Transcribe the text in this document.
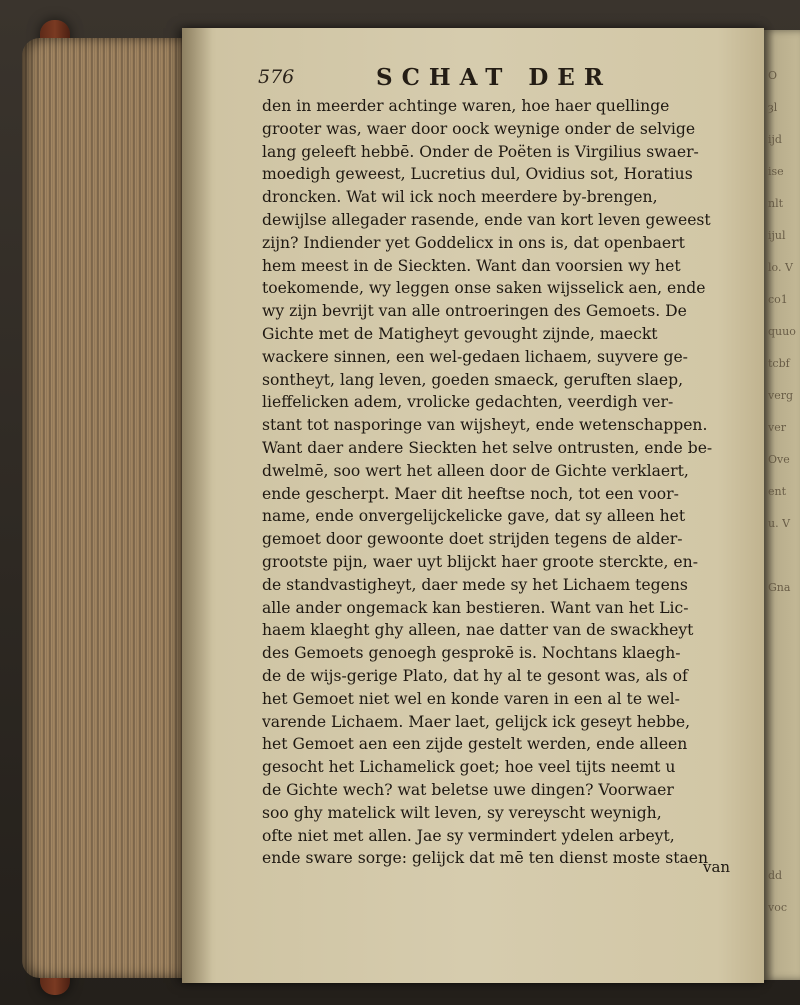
O
ȝl
ijd
ise
nlt
ijul
lo. V
co1
quuo
tcbf
verg
ver
Ove
ent
u. V
Gna
dd
voc
576	SCHAT DER
den in meerder achtinge waren, hoe haer quellinge
grooter was, waer door oock weynige onder de selvige
lang geleeft hebbē. Onder de Poëten is Virgilius swaer-
moedigh geweest, Lucretius dul, Ovidius sot, Horatius
droncken. Wat wil ick noch meerdere by-brengen,
dewijlse allegader rasende, ende van kort leven geweest
zijn? Indiender yet Goddelicx in ons is, dat openbaert
hem meest in de Sieckten. Want dan voorsien wy het
toekomende, wy leggen onse saken wijsselick aen, ende
wy zijn bevrijt van alle ontroeringen des Gemoets. De
Gichte met de Matigheyt gevought zijnde, maeckt
wackere sinnen, een wel-gedaen lichaem, suyvere ge-
sontheyt, lang leven, goeden smaeck, geruften slaep,
lieffelicken adem, vrolicke gedachten, veerdigh ver-
stant tot nasporinge van wijsheyt, ende wetenschappen.
Want daer andere Sieckten het selve ontrusten, ende be-
dwelmē, soo wert het alleen door de Gichte verklaert,
ende gescherpt. Maer dit heeftse noch, tot een voor-
name, ende onvergelijckelicke gave, dat sy alleen het
gemoet door gewoonte doet strijden tegens de alder-
grootste pijn, waer uyt blijckt haer groote sterckte, en-
de standvastigheyt, daer mede sy het Lichaem tegens
alle ander ongemack kan bestieren. Want van het Lic-
haem klaeght ghy alleen, nae datter van de swackheyt
des Gemoets genoegh gesprokē is. Nochtans klaegh-
de de wijs-gerige Plato, dat hy al te gesont was, als of
het Gemoet niet wel en konde varen in een al te wel-
varende Lichaem. Maer laet, gelijck ick geseyt hebbe,
het Gemoet aen een zijde gestelt werden, ende alleen
gesocht het Lichamelick goet; hoe veel tijts neemt u
de Gichte wech? wat beletse uwe dingen? Voorwaer
soo ghy matelick wilt leven, sy vereyscht weynigh,
ofte niet met allen. Jae sy vermindert ydelen arbeyt,
ende sware sorge: gelijck dat mē ten dienst moste staen
van
